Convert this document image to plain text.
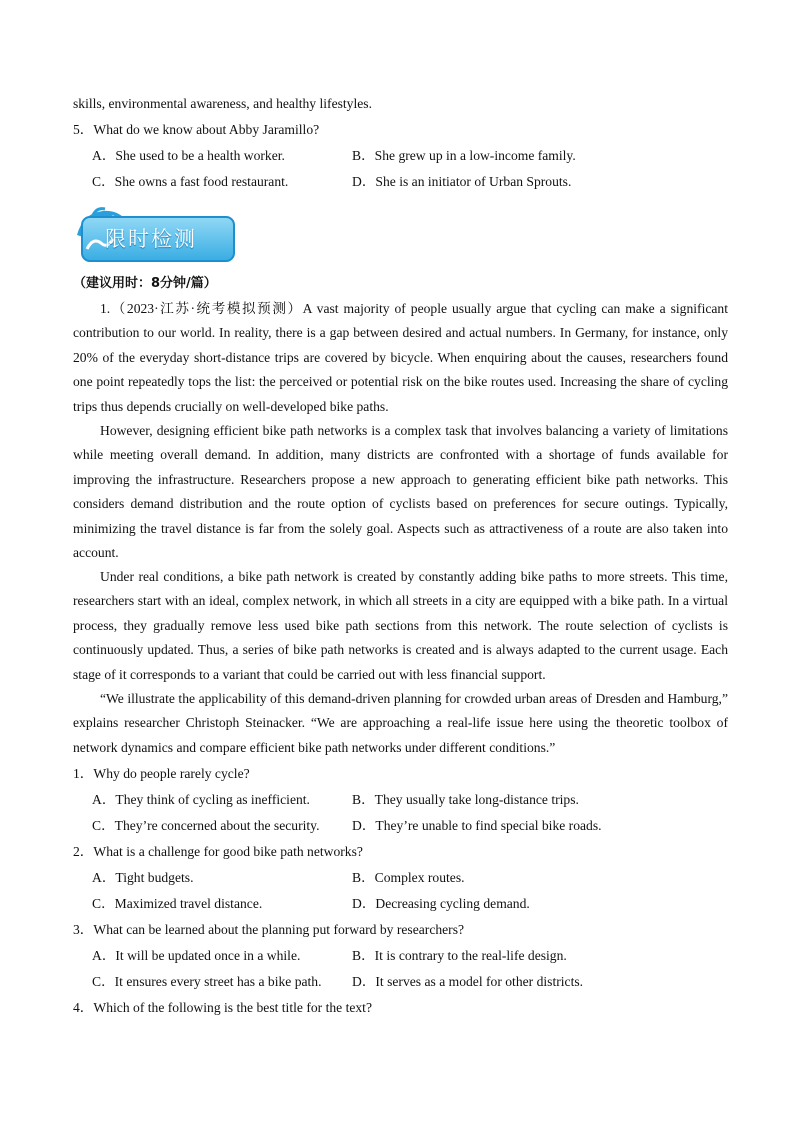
skills, environmental awareness, and healthy lifestyles.
5．What do we know about Abby Jaramillo?
A．She used to be a health worker.	B．She grew up in a low-income family.
C．She owns a fast food restaurant.	D．She is an initiator of Urban Sprouts.
限时检测
（建议用时：8分钟/篇）
1.（2023·江苏·统考模拟预测）A vast majority of people usually argue that cycling can make a significant contribution to our world. In reality, there is a gap between desired and actual numbers. In Germany, for instance, only 20% of the everyday short-distance trips are covered by bicycle. When enquiring about the causes, researchers found one point repeatedly tops the list: the perceived or potential risk on the bike routes used. Increasing the share of cycling trips thus depends crucially on well-developed bike paths.
However, designing efficient bike path networks is a complex task that involves balancing a variety of limitations while meeting overall demand. In addition, many districts are confronted with a shortage of funds available for improving the infrastructure. Researchers propose a new approach to generating efficient bike path networks. This considers demand distribution and the route option of cyclists based on preferences for secure outings. Typically, minimizing the travel distance is far from the solely goal. Aspects such as attractiveness of a route are also taken into account.
Under real conditions, a bike path network is created by constantly adding bike paths to more streets. This time, researchers start with an ideal, complex network, in which all streets in a city are equipped with a bike path. In a virtual process, they gradually remove less used bike path sections from this network. The route selection of cyclists is continuously updated. Thus, a series of bike path networks is created and is always adapted to the current usage. Each stage of it corresponds to a variant that could be carried out with less financial support.
“We illustrate the applicability of this demand-driven planning for crowded urban areas of Dresden and Hamburg,” explains researcher Christoph Steinacker. “We are approaching a real-life issue here using the theoretic toolbox of network dynamics and compare efficient bike path networks under different conditions.”
1．Why do people rarely cycle?
A．They think of cycling as inefficient.	B．They usually take long-distance trips.
C．They’re concerned about the security. D．They’re unable to find special bike roads.
2．What is a challenge for good bike path networks?
A．Tight budgets.	B．Complex routes.
C．Maximized travel distance.	D．Decreasing cycling demand.
3．What can be learned about the planning put forward by researchers?
A．It will be updated once in a while.	B．It is contrary to the real-life design.
C．It ensures every street has a bike path. D．It serves as a model for other districts.
4．Which of the following is the best title for the text?
